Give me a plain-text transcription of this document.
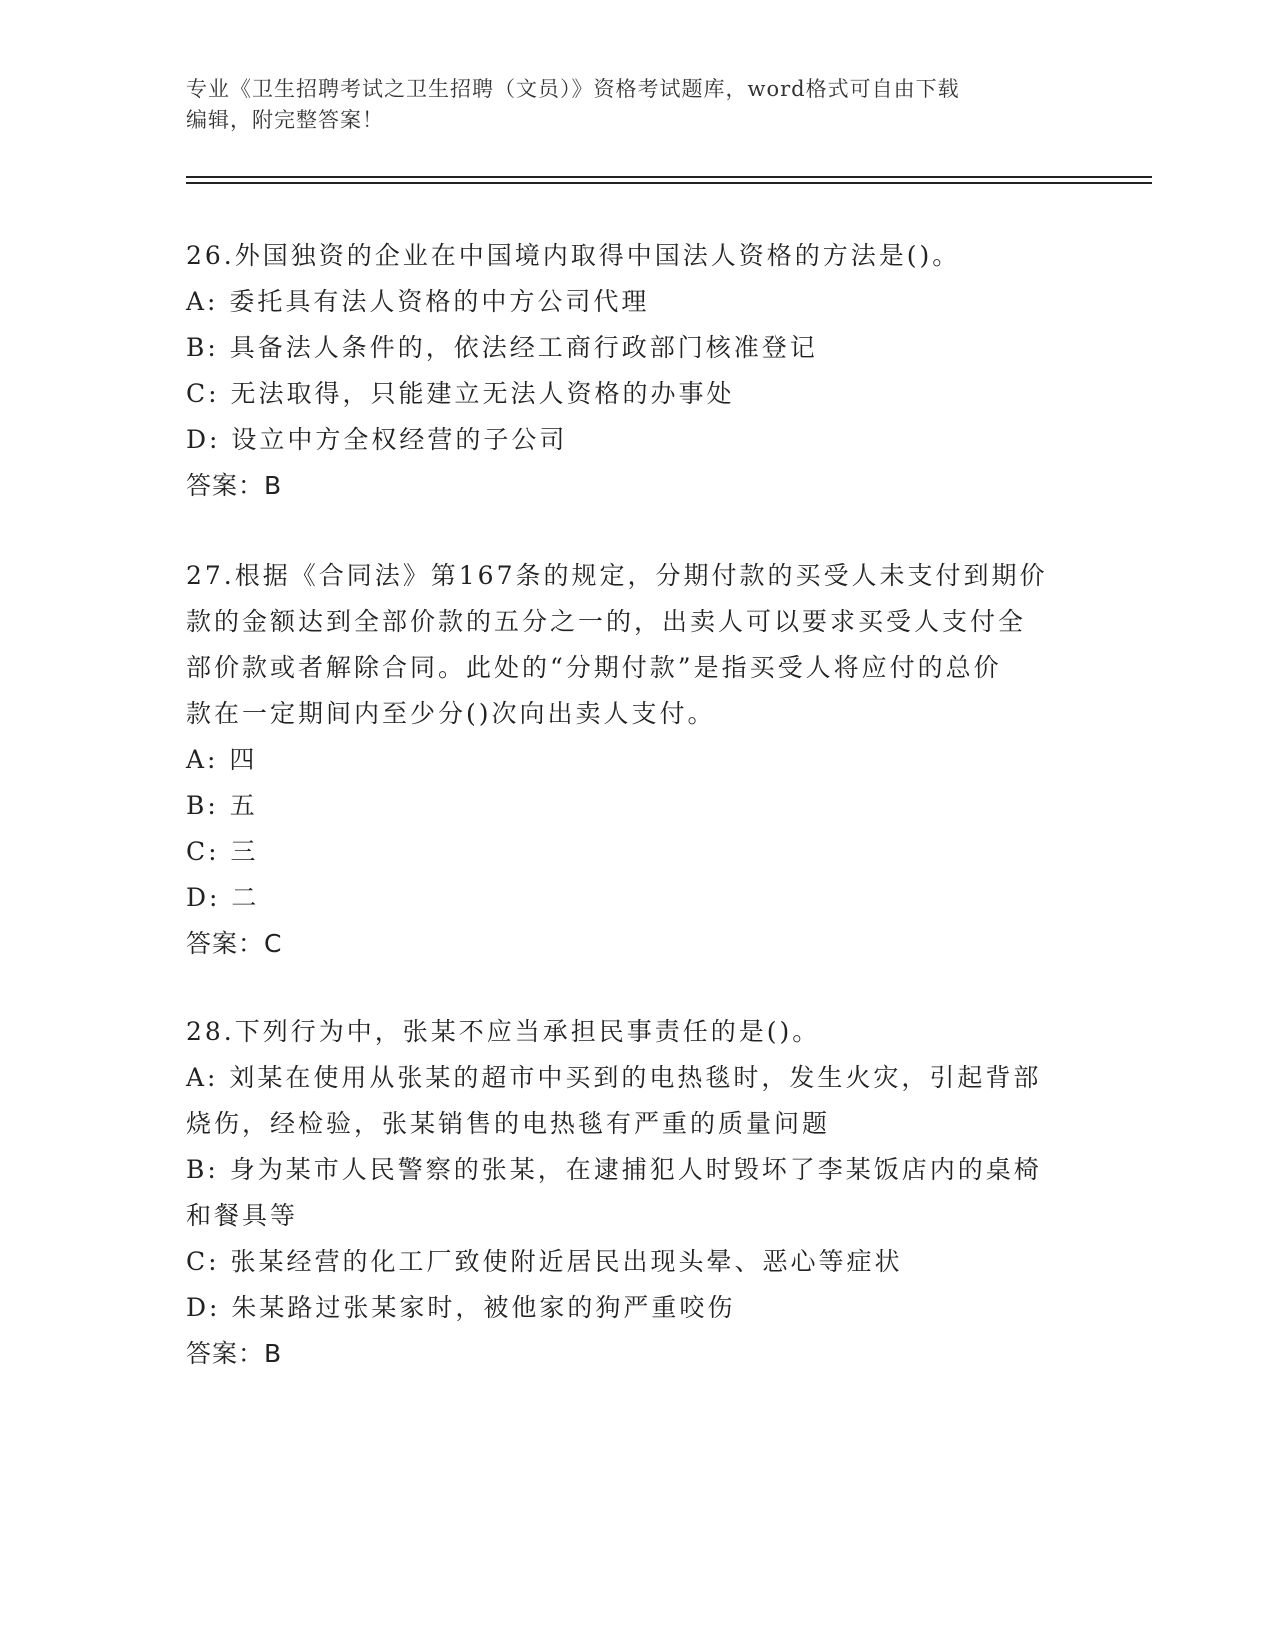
专业《卫生招聘考试之卫生招聘（文员）》资格考试题库，word格式可自由下载
编辑，附完整答案！
26.外国独资的企业在中国境内取得中国法人资格的方法是()。
A: 委托具有法人资格的中方公司代理
B: 具备法人条件的，依法经工商行政部门核准登记
C: 无法取得，只能建立无法人资格的办事处
D: 设立中方全权经营的子公司
答案：B
27.根据《合同法》第167条的规定，分期付款的买受人未支付到期价
款的金额达到全部价款的五分之一的，出卖人可以要求买受人支付全
部价款或者解除合同。此处的“分期付款”是指买受人将应付的总价
款在一定期间内至少分()次向出卖人支付。
A: 四
B: 五
C: 三
D: 二
答案：C
28.下列行为中，张某不应当承担民事责任的是()。
A: 刘某在使用从张某的超市中买到的电热毯时，发生火灾，引起背部
烧伤，经检验，张某销售的电热毯有严重的质量问题
B: 身为某市人民警察的张某，在逮捕犯人时毁坏了李某饭店内的桌椅
和餐具等
C: 张某经营的化工厂致使附近居民出现头晕、恶心等症状
D: 朱某路过张某家时，被他家的狗严重咬伤
答案：B
